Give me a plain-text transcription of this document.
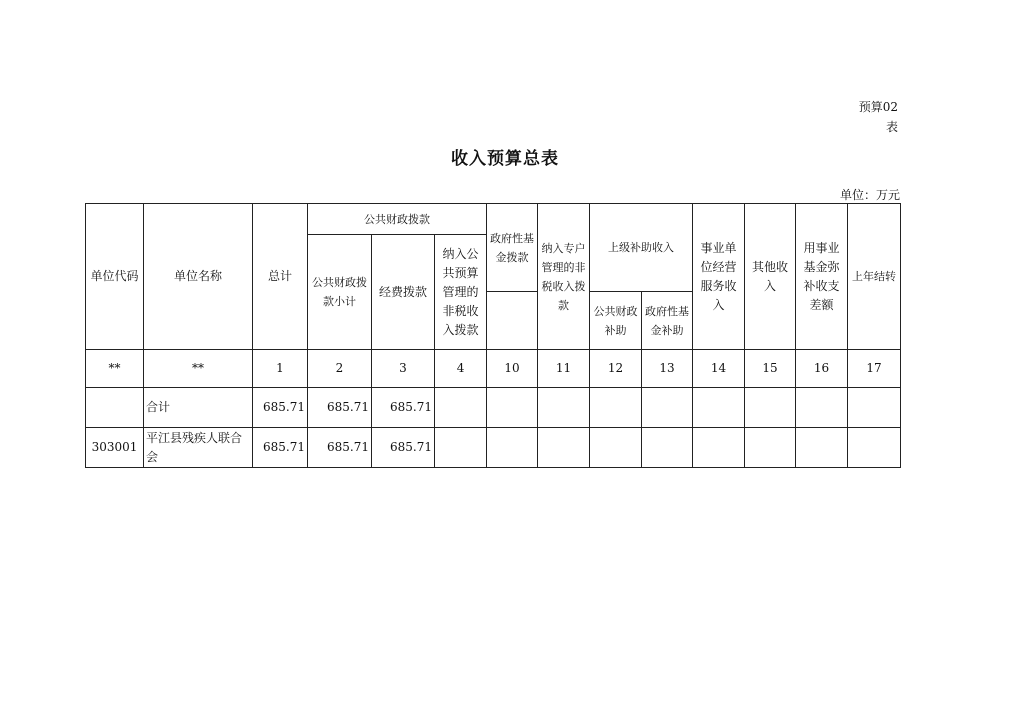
预算02
表
收入预算总表
单位：万元
单位代码	单位名称	总计	公共财政拨款			政府性基金拨款	纳入专户管理的非税收入拨款	上级补助收入		事业单位经营服务收入	其他收入	用事业基金弥补收支差额	上年结转
			公共财政拨款小计	经费拨款	纳入公共预算管理的非税收入拨款								
								公共财政补助	政府性基金补助				
**	**	1	2	3	4	10	11	12	13	14	15	16	17
	合计	685.71	685.71	685.71									
303001	平江县残疾人联合会	685.71	685.71	685.71									
